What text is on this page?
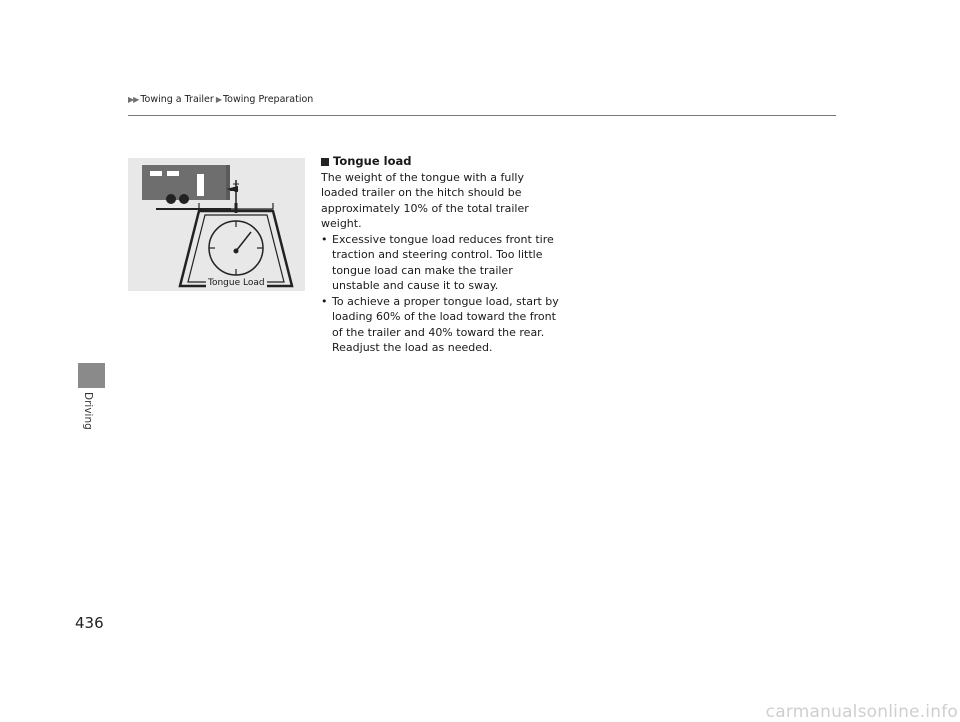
▶▶ Towing a Trailer ▶ Towing Preparation
Driving
Tongue Load
Tongue load
The weight of the tongue with a fully loaded trailer on the hitch should be approximately 10% of the total trailer weight.
• Excessive tongue load reduces front tire traction and steering control. Too little tongue load can make the trailer unstable and cause it to sway.
• To achieve a proper tongue load, start by loading 60% of the load toward the front of the trailer and 40% toward the rear. Readjust the load as needed.
436
carmanualsonline.info
